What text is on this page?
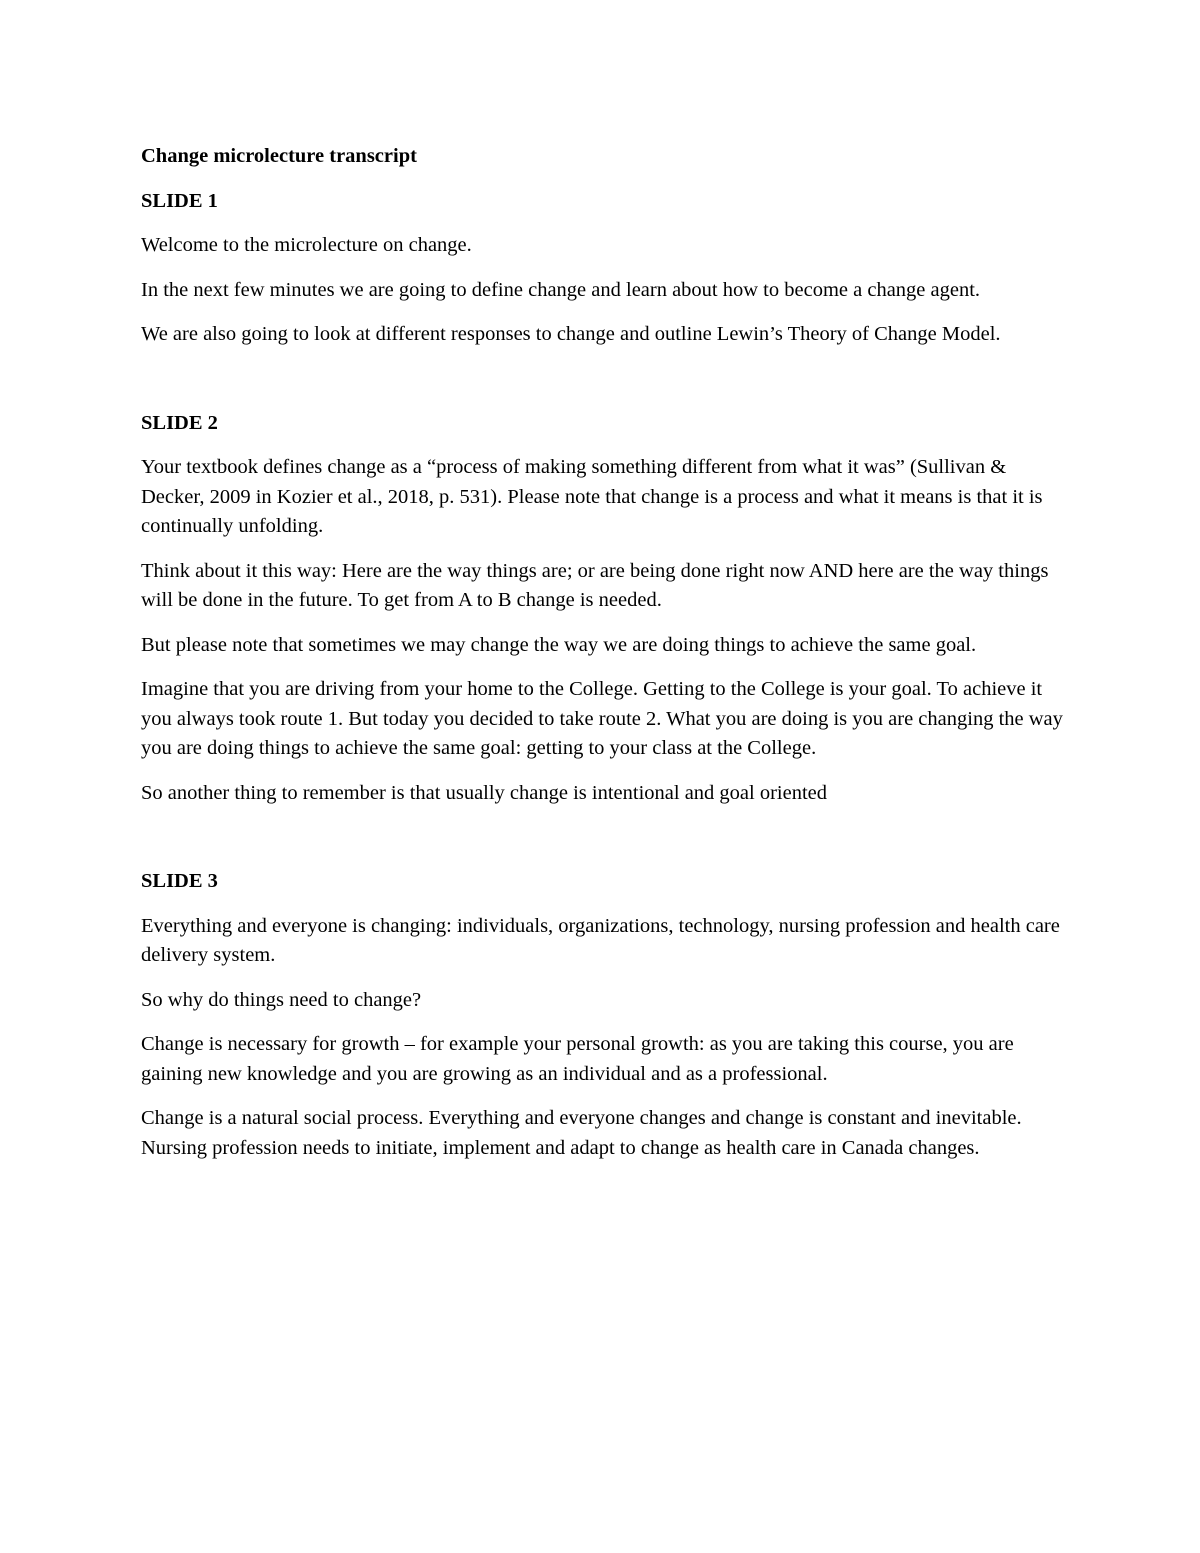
Change microlecture transcript

SLIDE 1

Welcome to the microlecture on change.

In the next few minutes we are going to define change and learn about how to become a change agent.

We are also going to look at different responses to change and outline Lewin’s Theory of Change Model.

SLIDE 2

Your textbook defines change as a “process of making something different from what it was” (Sullivan & Decker, 2009 in Kozier et al., 2018, p. 531). Please note that change is a process and what it means is that it is continually unfolding.

Think about it this way: Here are the way things are; or are being done right now AND here are the way things will be done in the future. To get from A to B change is needed.

But please note that sometimes we may change the way we are doing things to achieve the same goal.

Imagine that you are driving from your home to the College. Getting to the College is your goal. To achieve it you always took route 1. But today you decided to take route 2. What you are doing is you are changing the way you are doing things to achieve the same goal: getting to your class at the College.

So another thing to remember is that usually change is intentional and goal oriented

SLIDE 3

Everything and everyone is changing: individuals, organizations, technology, nursing profession and health care delivery system.

So why do things need to change?

Change is necessary for growth – for example your personal growth: as you are taking this course, you are gaining new knowledge and you are growing as an individual and as a professional.

Change is a natural social process. Everything and everyone changes and change is constant and inevitable. Nursing profession needs to initiate, implement and adapt to change as health care in Canada changes.
